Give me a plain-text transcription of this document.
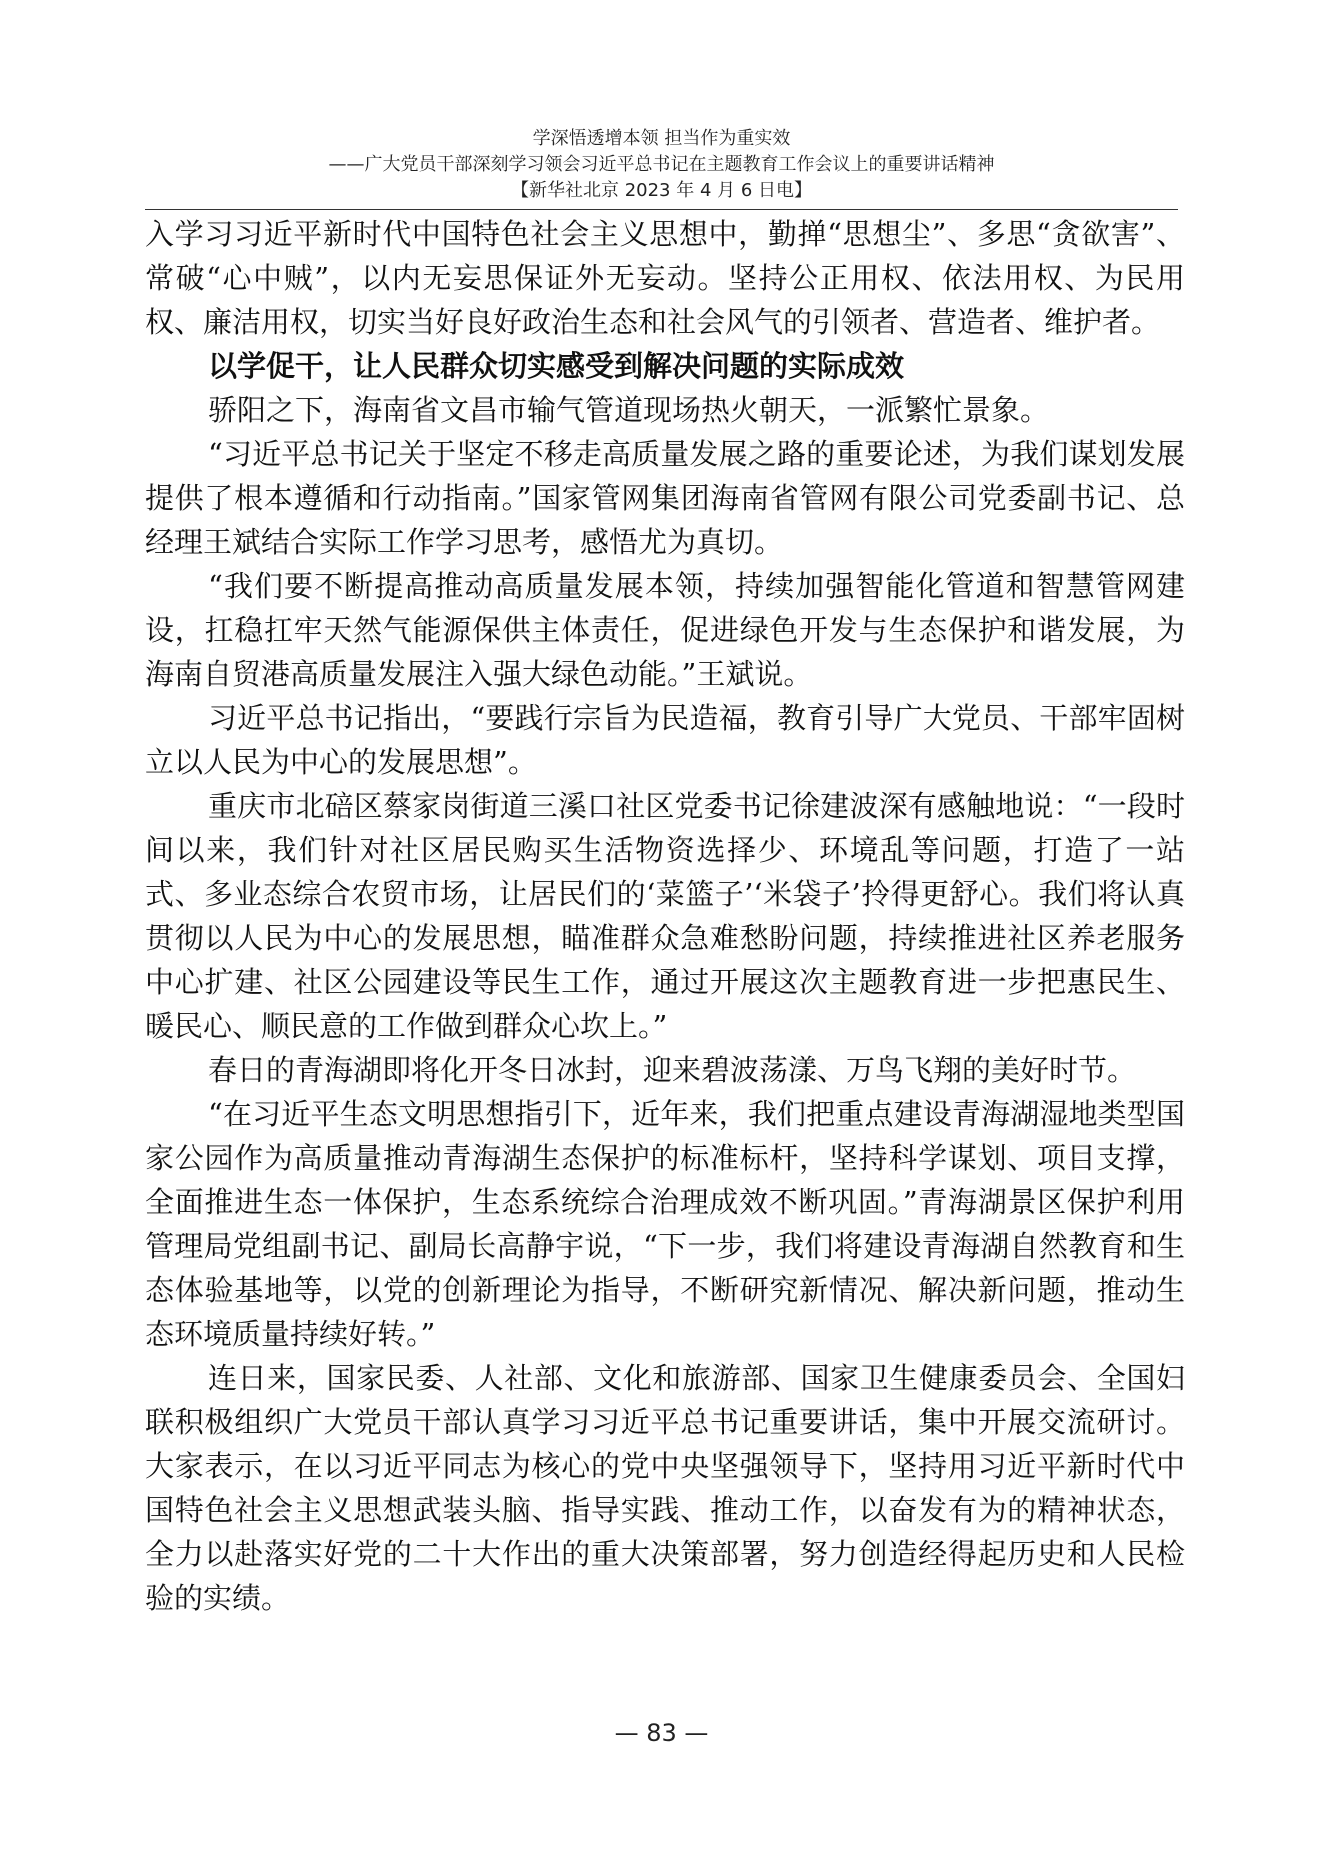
学深悟透增本领 担当作为重实效
——广大党员干部深刻学习领会习近平总书记在主题教育工作会议上的重要讲话精神
【新华社北京 2023 年 4 月 6 日电】

入学习习近平新时代中国特色社会主义思想中，勤掸“思想尘”、多思“贪欲害”、常破“心中贼”，以内无妄思保证外无妄动。坚持公正用权、依法用权、为民用权、廉洁用权，切实当好良好政治生态和社会风气的引领者、营造者、维护者。

以学促干，让人民群众切实感受到解决问题的实际成效

骄阳之下，海南省文昌市输气管道现场热火朝天，一派繁忙景象。

“习近平总书记关于坚定不移走高质量发展之路的重要论述，为我们谋划发展提供了根本遵循和行动指南。”国家管网集团海南省管网有限公司党委副书记、总经理王斌结合实际工作学习思考，感悟尤为真切。

“我们要不断提高推动高质量发展本领，持续加强智能化管道和智慧管网建设，扛稳扛牢天然气能源保供主体责任，促进绿色开发与生态保护和谐发展，为海南自贸港高质量发展注入强大绿色动能。”王斌说。

习近平总书记指出，“要践行宗旨为民造福，教育引导广大党员、干部牢固树立以人民为中心的发展思想”。

重庆市北碚区蔡家岗街道三溪口社区党委书记徐建波深有感触地说：“一段时间以来，我们针对社区居民购买生活物资选择少、环境乱等问题，打造了一站式、多业态综合农贸市场，让居民们的‘菜篮子’‘米袋子’拎得更舒心。我们将认真贯彻以人民为中心的发展思想，瞄准群众急难愁盼问题，持续推进社区养老服务中心扩建、社区公园建设等民生工作，通过开展这次主题教育进一步把惠民生、暖民心、顺民意的工作做到群众心坎上。”

春日的青海湖即将化开冬日冰封，迎来碧波荡漾、万鸟飞翔的美好时节。

“在习近平生态文明思想指引下，近年来，我们把重点建设青海湖湿地类型国家公园作为高质量推动青海湖生态保护的标准标杆，坚持科学谋划、项目支撑，全面推进生态一体保护，生态系统综合治理成效不断巩固。”青海湖景区保护利用管理局党组副书记、副局长高静宇说，“下一步，我们将建设青海湖自然教育和生态体验基地等，以党的创新理论为指导，不断研究新情况、解决新问题，推动生态环境质量持续好转。”

连日来，国家民委、人社部、文化和旅游部、国家卫生健康委员会、全国妇联积极组织广大党员干部认真学习习近平总书记重要讲话，集中开展交流研讨。大家表示，在以习近平同志为核心的党中央坚强领导下，坚持用习近平新时代中国特色社会主义思想武装头脑、指导实践、推动工作，以奋发有为的精神状态，全力以赴落实好党的二十大作出的重大决策部署，努力创造经得起历史和人民检验的实绩。

— 83 —
